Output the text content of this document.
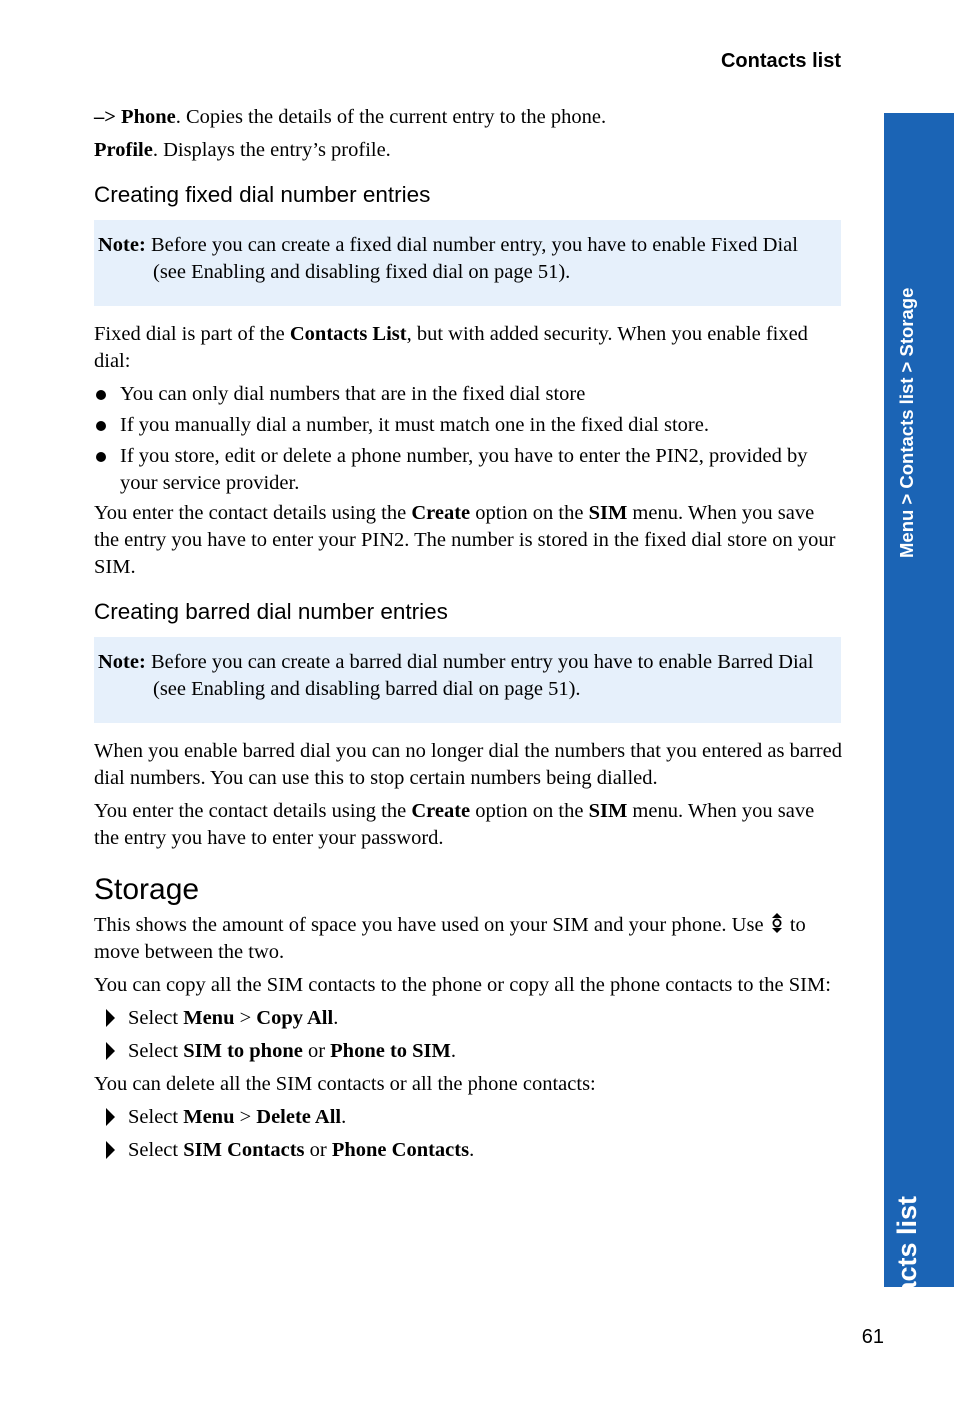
Contacts list
Menu > Contacts list > Storage
Contacts list

–> Phone. Copies the details of the current entry to the phone.

Profile. Displays the entry’s profile.

Creating fixed dial number entries
Note: Before you can create a fixed dial number entry, you have to enable Fixed Dial (see Enabling and disabling fixed dial on page 51).

Fixed dial is part of the Contacts List, but with added security. When you enable fixed dial:

You can only dial numbers that are in the fixed dial store
If you manually dial a number, it must match one in the fixed dial store.
If you store, edit or delete a phone number, you have to enter the PIN2, provided by your service provider.

You enter the contact details using the Create option on the SIM menu. When you save the entry you have to enter your PIN2. The number is stored in the fixed dial store on your SIM.

Creating barred dial number entries
Note: Before you can create a barred dial number entry you have to enable Barred Dial (see Enabling and disabling barred dial on page 51).

When you enable barred dial you can no longer dial the numbers that you entered as barred dial numbers. You can use this to stop certain numbers being dialled.

You enter the contact details using the Create option on the SIM menu. When you save the entry you have to enter your password.

Storage

This shows the amount of space you have used on your SIM and your phone. Use  to move between the two.

You can copy all the SIM contacts to the phone or copy all the phone contacts to the SIM:

Select Menu > Copy All.
Select SIM to phone or Phone to SIM.

You can delete all the SIM contacts or all the phone contacts:

Select Menu > Delete All.
Select SIM Contacts or Phone Contacts.
61
